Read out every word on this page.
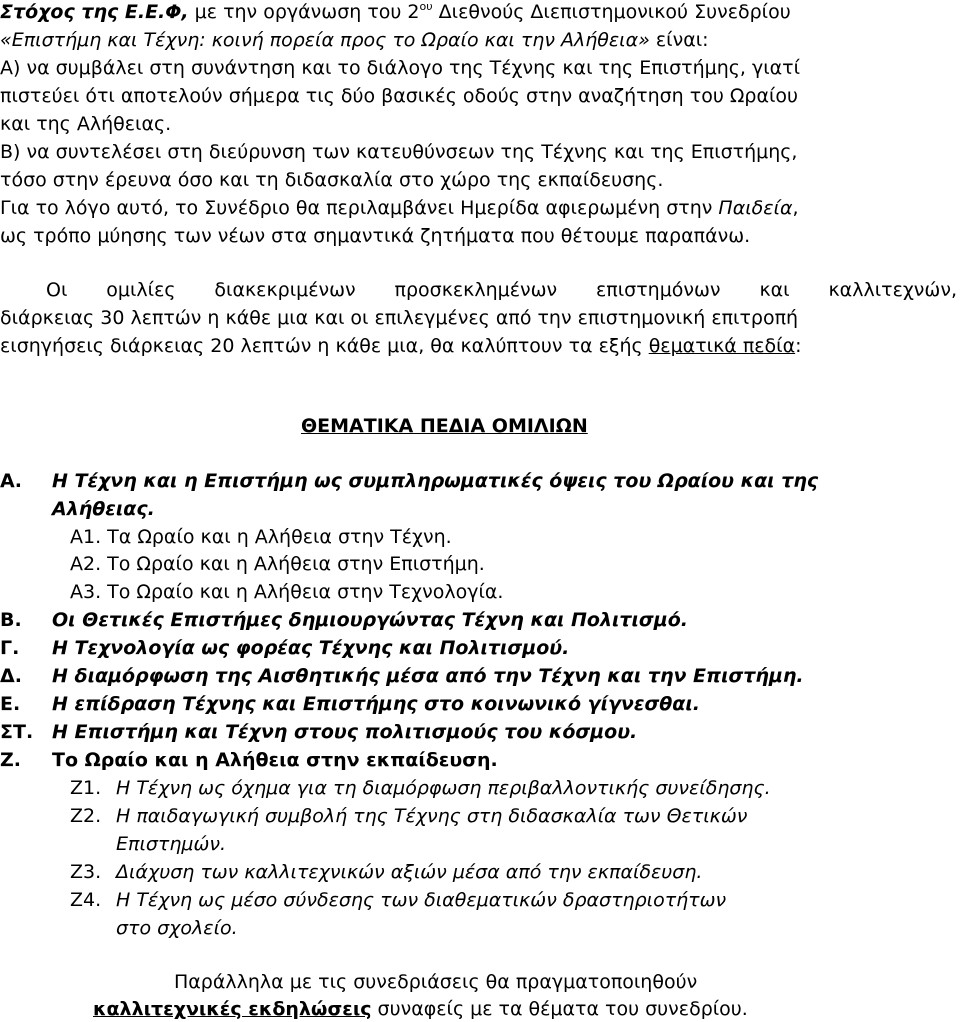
Στόχος της Ε.Ε.Φ, με την οργάνωση του $2^{o\upsilon}$ Διεθνούς Διεπιστημονικού Συνεδρίου
«Επιστήμη και Τέχνη: κοινή πορεία προς το Ωραίο και την Αλήθεια» είναι:
Α) να συμβάλει στη συνάντηση και το διάλογο της Τέχνης και της Επιστήμης, γιατί
πιστεύει ότι αποτελούν σήμερα τις δύο βασικές οδούς στην αναζήτηση του Ωραίου
και της Αλήθειας.
Β) να συντελέσει στη διεύρυνση των κατευθύνσεων της Τέχνης και της Επιστήμης,
τόσο στην έρευνα όσο και τη διδασκαλία στο χώρο της εκπαίδευσης.
Για το λόγο αυτό, το Συνέδριο θα περιλαμβάνει Ημερίδα αφιερωμένη στην Παιδεία,
ως τρόπο μύησης των νέων στα σημαντικά ζητήματα που θέτουμε παραπάνω.
Οι ομιλίες διακεκριμένων προσκεκλημένων επιστημόνων και καλλιτεχνών,
διάρκειας 30 λεπτών η κάθε μια και οι επιλεγμένες από την επιστημονική επιτροπή
εισηγήσεις διάρκειας 20 λεπτών η κάθε μια, θα καλύπτουν τα εξής θεματικά πεδία:
ΘΕΜΑΤΙΚΑ ΠΕΔΙΑ ΟΜΙΛΙΩΝ
Α. Η Τέχνη και η Επιστήμη ως συμπληρωματικές όψεις του Ωραίου και της
Αλήθειας.
Α1. Τα Ωραίο και η Αλήθεια στην Τέχνη.
Α2. Το Ωραίο και η Αλήθεια στην Επιστήμη.
Α3. Το Ωραίο και η Αλήθεια στην Τεχνολογία.
Β. Οι Θετικές Επιστήμες δημιουργώντας Τέχνη και Πολιτισμό.
Γ. Η Τεχνολογία ως φορέας Τέχνης και Πολιτισμού.
Δ. Η διαμόρφωση της Αισθητικής μέσα από την Τέχνη και την Επιστήμη.
Ε. Η επίδραση Τέχνης και Επιστήμης στο κοινωνικό γίγνεσθαι.
ΣΤ. Η Επιστήμη και Τέχνη στους πολιτισμούς του κόσμου.
Ζ. Το Ωραίο και η Αλήθεια στην εκπαίδευση.
Ζ1. Η Τέχνη ως όχημα για τη διαμόρφωση περιβαλλοντικής συνείδησης.
Ζ2. Η παιδαγωγική συμβολή της Τέχνης στη διδασκαλία των Θετικών
Επιστημών.
Ζ3. Διάχυση των καλλιτεχνικών αξιών μέσα από την εκπαίδευση.
Ζ4. Η Τέχνη ως μέσο σύνδεσης των διαθεματικών δραστηριοτήτων
στο σχολείο.
Παράλληλα με τις συνεδριάσεις θα πραγματοποιηθούν
καλλιτεχνικές εκδηλώσεις συναφείς με τα θέματα του συνεδρίου.
